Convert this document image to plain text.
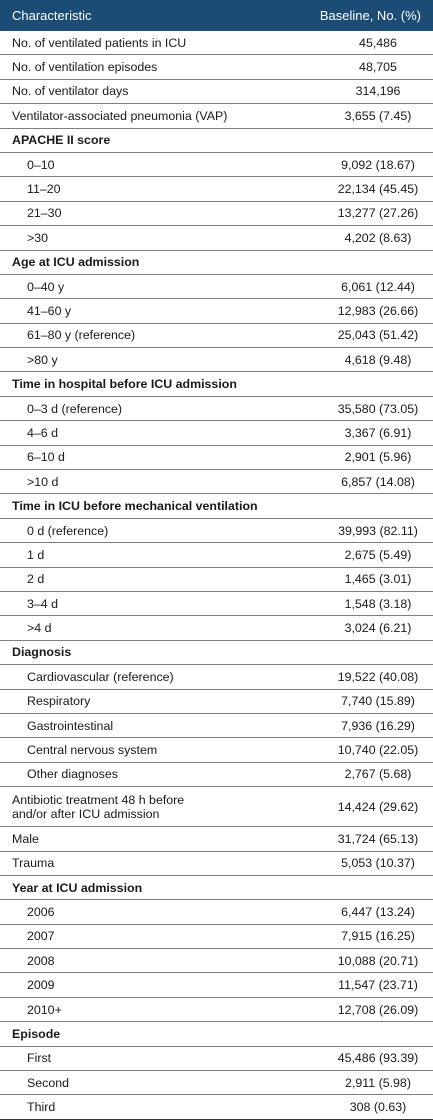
Characteristic	Baseline, No. (%)
No. of ventilated patients in ICU	45,486
No. of ventilation episodes	48,705
No. of ventilator days	314,196
Ventilator-associated pneumonia (VAP)	3,655 (7.45)
APACHE II score
0–10	9,092 (18.67)
11–20	22,134 (45.45)
21–30	13,277 (27.26)
>30	4,202 (8.63)
Age at ICU admission
0–40 y	6,061 (12.44)
41–60 y	12,983 (26.66)
61–80 y (reference)	25,043 (51.42)
>80 y	4,618 (9.48)
Time in hospital before ICU admission
0–3 d (reference)	35,580 (73.05)
4–6 d	3,367 (6.91)
6–10 d	2,901 (5.96)
>10 d	6,857 (14.08)
Time in ICU before mechanical ventilation
0 d (reference)	39,993 (82.11)
1 d	2,675 (5.49)
2 d	1,465 (3.01)
3–4 d	1,548 (3.18)
>4 d	3,024 (6.21)
Diagnosis
Cardiovascular (reference)	19,522 (40.08)
Respiratory	7,740 (15.89)
Gastrointestinal	7,936 (16.29)
Central nervous system	10,740 (22.05)
Other diagnoses	2,767 (5.68)
Antibiotic treatment 48 h before
and/or after ICU admission	14,424 (29.62)
Male	31,724 (65.13)
Trauma	5,053 (10.37)
Year at ICU admission
2006	6,447 (13.24)
2007	7,915 (16.25)
2008	10,088 (20.71)
2009	11,547 (23.71)
2010+	12,708 (26.09)
Episode
First	45,486 (93.39)
Second	2,911 (5.98)
Third	308 (0.63)
